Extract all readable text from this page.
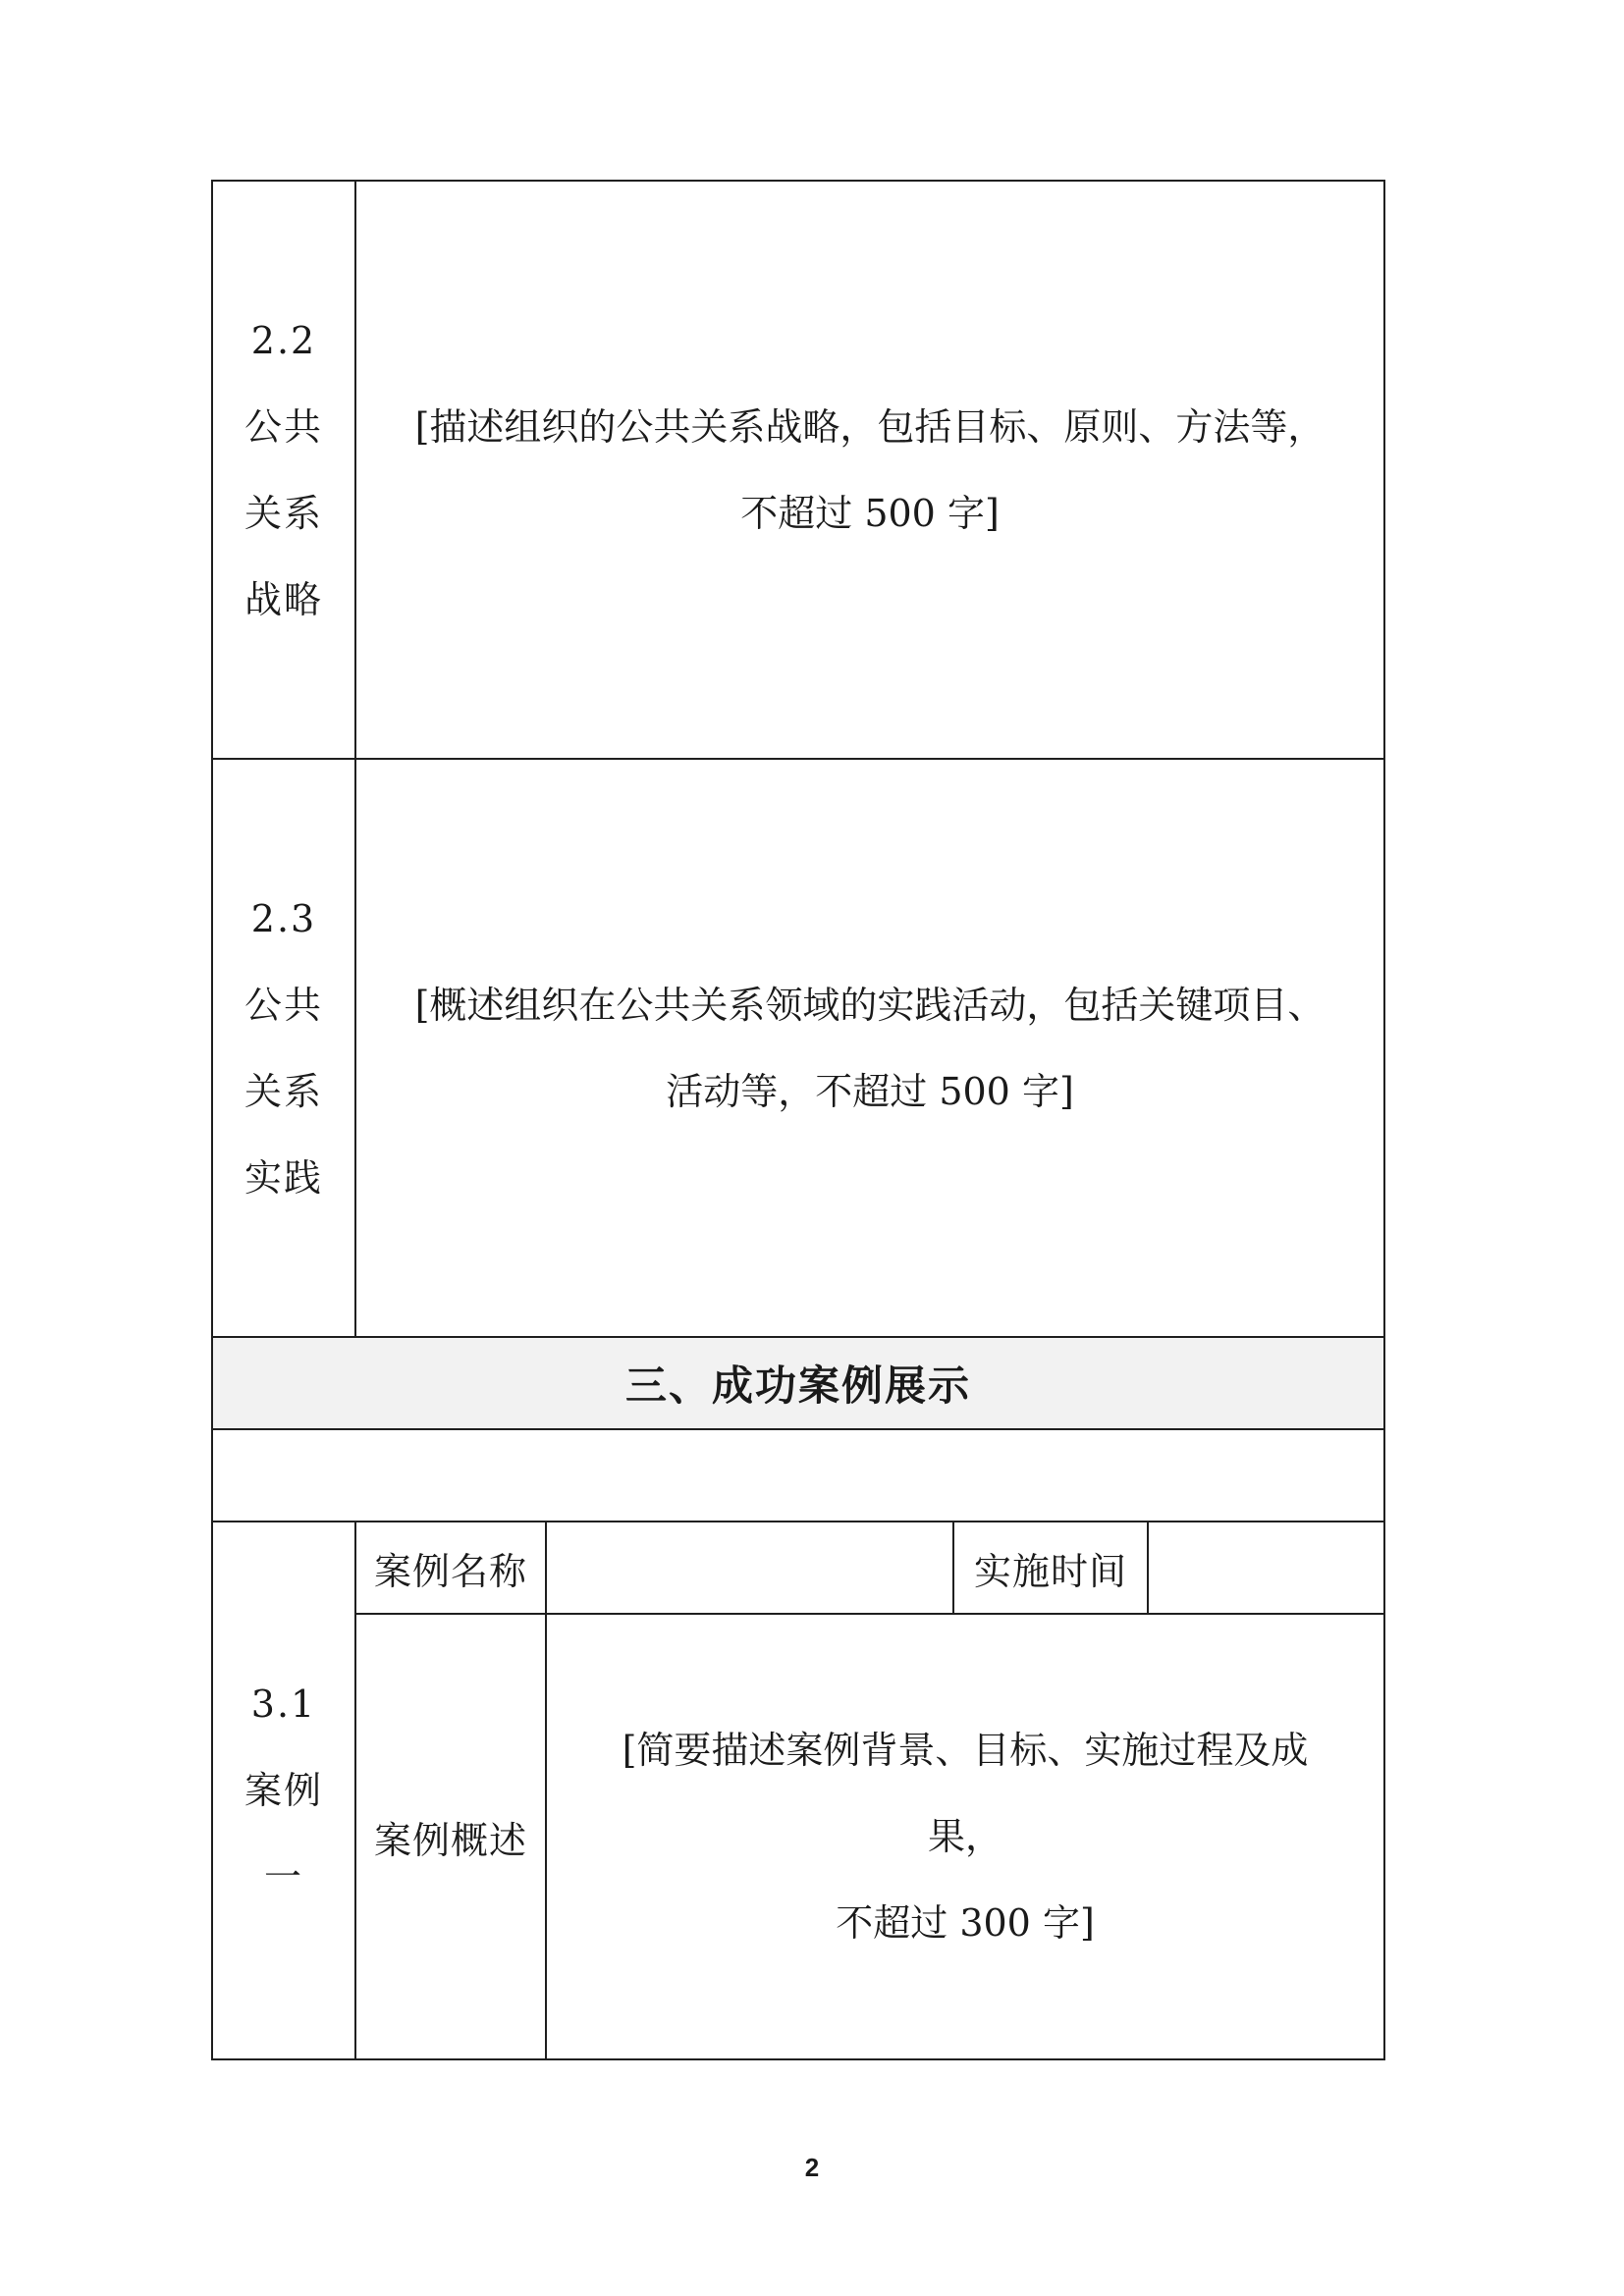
2.2
公共
关系
战略	[描述组织的公共关系战略，包括目标、原则、方法等，
不超过 500 字]			

2.3
公共
关系
实践	[概述组织在公共关系领域的实践活动，包括关键项目、
活动等，不超过 500 字]			

三、成功案例展示				

3.1
案例
一	案例名称		实施时间	
	案例概述	[简要描述案例背景、目标、实施过程及成果，
不超过 300 字]		
2
